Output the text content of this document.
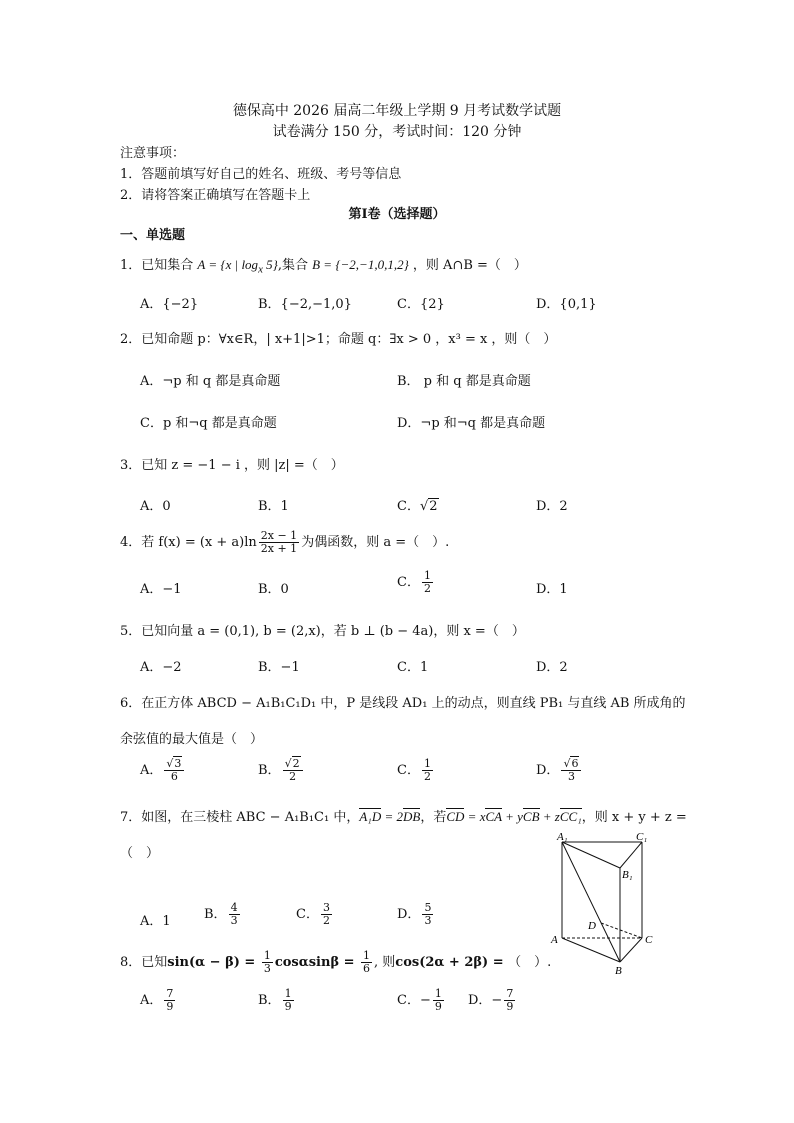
德保高中 2026 届高二年级上学期 9 月考试数学试题
试卷满分 150 分，考试时间：120 分钟
注意事项：
1．答题前填写好自己的姓名、班级、考号等信息
2．请将答案正确填写在答题卡上
第Ⅰ卷（选择题）
一、单选题
1．已知集合 A = {x | $\log_x 5$},集合 B = {−2,−1,0,1,2} ，则 A∩B =（　）
A．{−2}	B．{−2,−1,0}	C．{2}	D．{0,1}
2．已知命题 p：∀x∈R，| x+1|>1；命题 q：∃x > 0 ，x³ = x ，则（　）
A．¬p 和 q 都是真命题	B． p 和 q 都是真命题
C．p 和¬q 都是真命题	D．¬p 和¬q 都是真命题
3．已知 z = −1 − i ，则 |z| =（　）
A．0	B．1	C．√2	D．2
4．若 $f(x) = (x + a)\ln \frac{2x - 1}{2x + 1}$ 为偶函数，则 a =（　）.
A．−1	B．0	C． $\frac{1}{2}$	D．1
5．已知向量 a = (0,1), b = (2,x)，若 b ⊥ (b − 4a)，则 x =（　）
A．−2	B．−1	C．1	D．2
6．在正方体 ABCD − A₁B₁C₁D₁ 中，P 是线段 AD₁ 上的动点，则直线 PB₁ 与直线 AB 所成角的
余弦值的最大值是（　）
A． $\frac{√3}{6}$	B． $\frac{√2}{2}$	C． $\frac{1}{2}$	D． $\frac{√6}{3}$
7．如图，在三棱柱 ABC − A₁B₁C₁ 中，A₁D = 2DB，若CD = xCA + yCB + zCC₁，则 x + y + z =
（　）
A．1	B． $\frac{4}{3}$	C． $\frac{3}{2}$	D． $\frac{5}{3}$
A₁	C₁
B₁
D
A	C
B
8．已知$\sin(\alpha - \beta) = \frac{1}{3}$ $\cos\alpha\sin\beta = \frac{1}{6}$ , 则cos(2α + 2β) = （　）.
A． $\frac{7}{9}$	B． $\frac{1}{9}$	C．− $\frac{1}{9}$ D．− $\frac{7}{9}$
